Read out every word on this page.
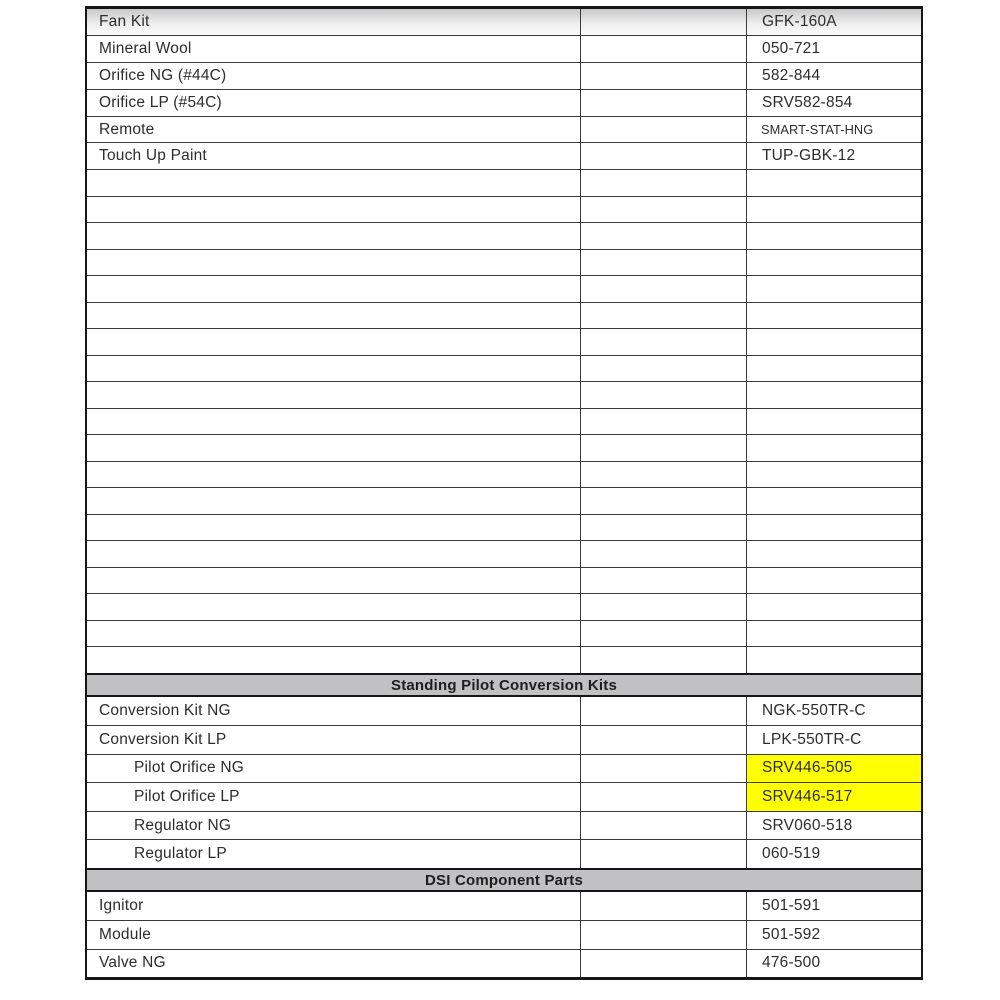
Fan Kit	GFK-160A
Mineral Wool	050-721
Orifice NG (#44C)	582-844
Orifice LP (#54C)	SRV582-854
Remote	SMART-STAT-HNG
Touch Up Paint	TUP-GBK-12
Standing Pilot Conversion Kits
Conversion Kit NG	NGK-550TR-C
Conversion Kit LP	LPK-550TR-C
Pilot Orifice NG	SRV446-505
Pilot Orifice LP	SRV446-517
Regulator NG	SRV060-518
Regulator LP	060-519
DSI Component Parts
Ignitor	501-591
Module	501-592
Valve NG	476-500
